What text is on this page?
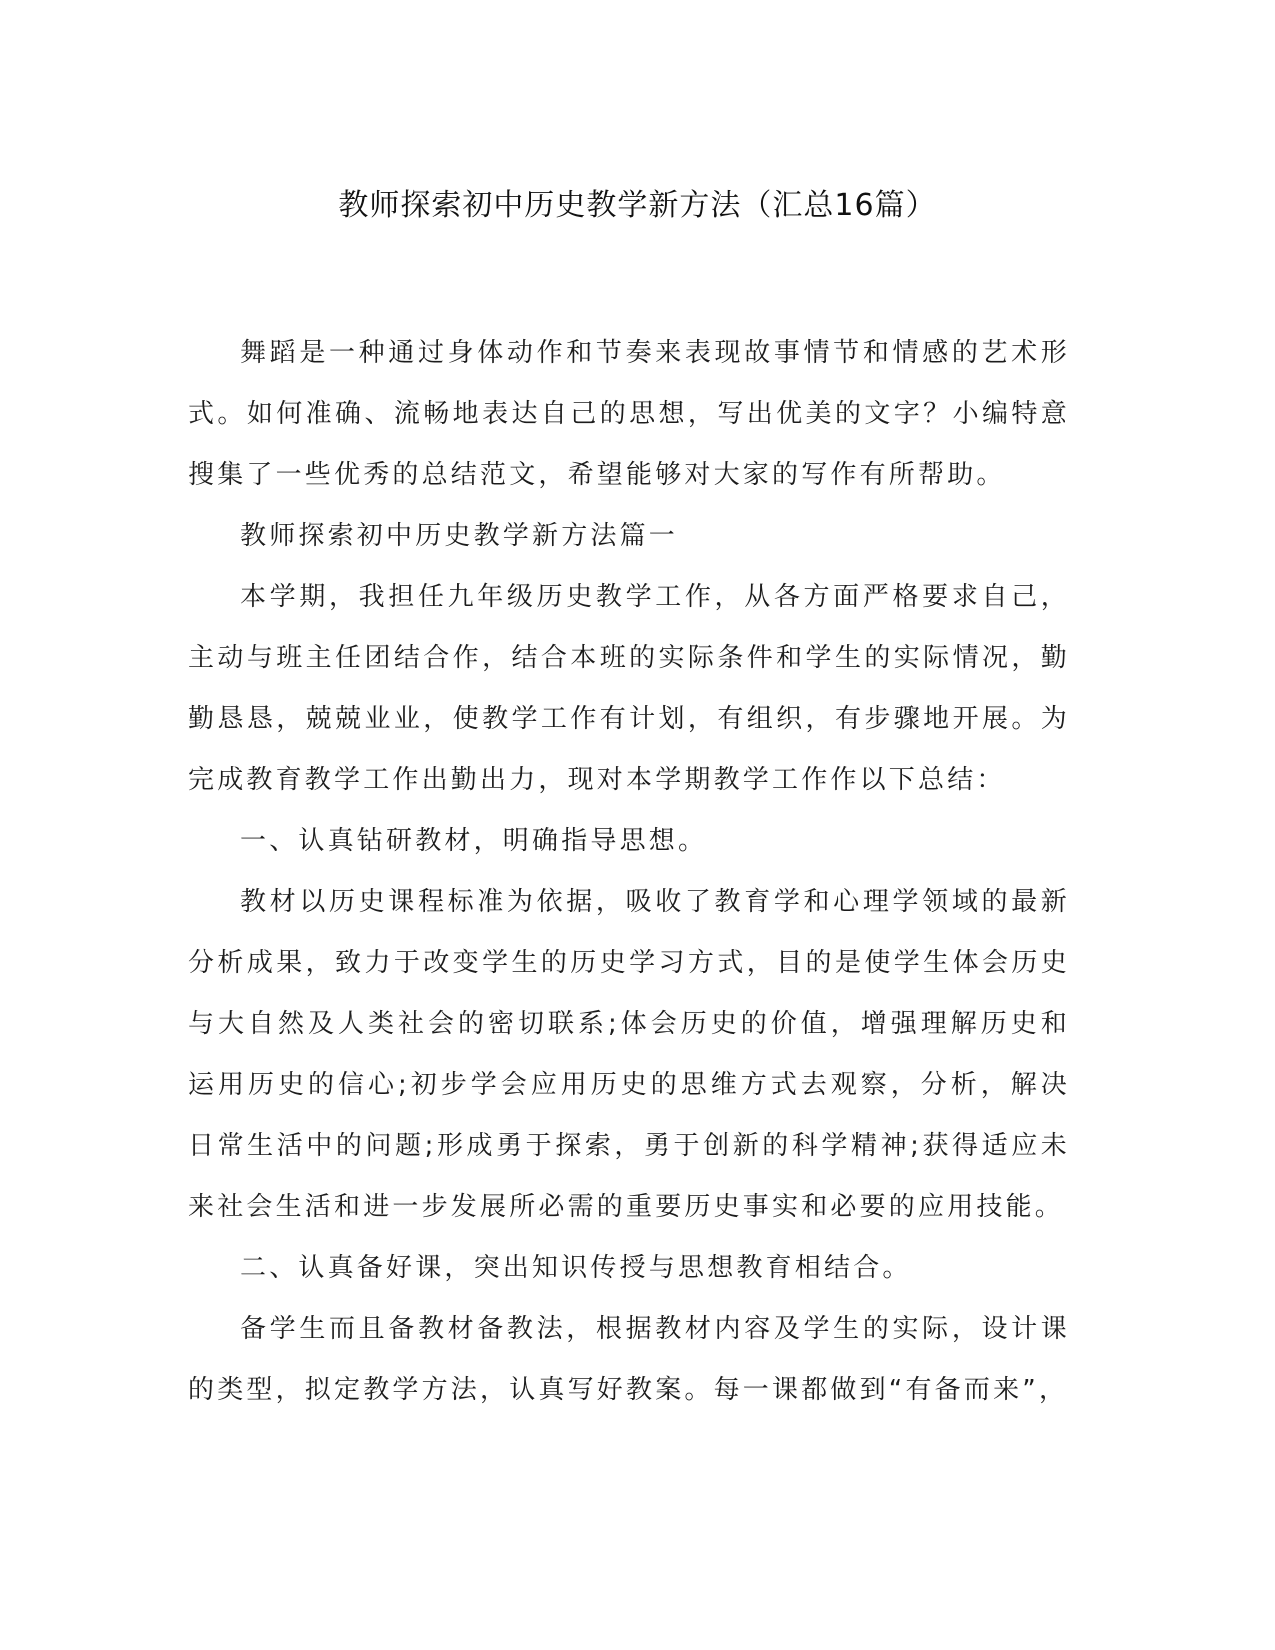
教师探索初中历史教学新方法（汇总16篇）

舞蹈是一种通过身体动作和节奏来表现故事情节和情感的艺术形式。如何准确、流畅地表达自己的思想，写出优美的文字？小编特意搜集了一些优秀的总结范文，希望能够对大家的写作有所帮助。

教师探索初中历史教学新方法篇一

本学期，我担任九年级历史教学工作，从各方面严格要求自己，主动与班主任团结合作，结合本班的实际条件和学生的实际情况，勤勤恳恳，兢兢业业，使教学工作有计划，有组织，有步骤地开展。为完成教育教学工作出勤出力，现对本学期教学工作作以下总结：

一、认真钻研教材，明确指导思想。

教材以历史课程标准为依据，吸收了教育学和心理学领域的最新分析成果，致力于改变学生的历史学习方式，目的是使学生体会历史与大自然及人类社会的密切联系;体会历史的价值，增强理解历史和运用历史的信心;初步学会应用历史的思维方式去观察，分析，解决日常生活中的问题;形成勇于探索，勇于创新的科学精神;获得适应未来社会生活和进一步发展所必需的重要历史事实和必要的应用技能。

二、认真备好课，突出知识传授与思想教育相结合。

备学生而且备教材备教法，根据教材内容及学生的实际，设计课的类型，拟定教学方法，认真写好教案。每一课都做到“有备而来”，
